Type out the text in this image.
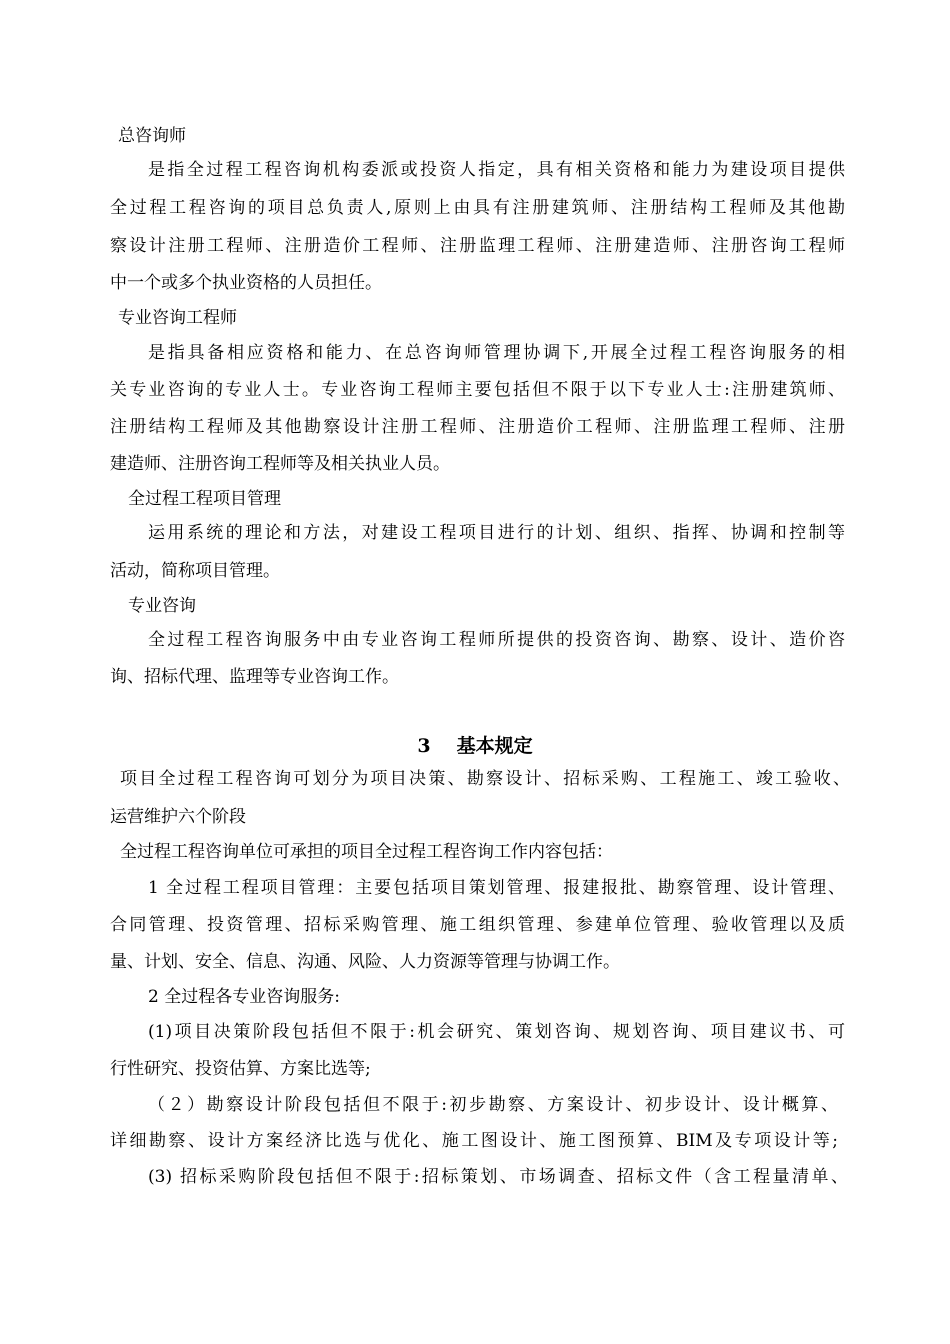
总咨询师
是指全过程工程咨询机构委派或投资人指定，具有相关资格和能力为建设项目提供
全过程工程咨询的项目总负责人,原则上由具有注册建筑师、注册结构工程师及其他勘
察设计注册工程师、注册造价工程师、注册监理工程师、注册建造师、注册咨询工程师
中一个或多个执业资格的人员担任。
专业咨询工程师
是指具备相应资格和能力、在总咨询师管理协调下,开展全过程工程咨询服务的相
关专业咨询的专业人士。专业咨询工程师主要包括但不限于以下专业人士:注册建筑师、
注册结构工程师及其他勘察设计注册工程师、注册造价工程师、注册监理工程师、注册
建造师、注册咨询工程师等及相关执业人员。
全过程工程项目管理
运用系统的理论和方法，对建设工程项目进行的计划、组织、指挥、协调和控制等
活动，简称项目管理。
专业咨询
全过程工程咨询服务中由专业咨询工程师所提供的投资咨询、勘察、设计、造价咨
询、招标代理、监理等专业咨询工作。
3 基本规定
项目全过程工程咨询可划分为项目决策、勘察设计、招标采购、工程施工、竣工验收、
运营维护六个阶段
全过程工程咨询单位可承担的项目全过程工程咨询工作内容包括：
1 全过程工程项目管理：主要包括项目策划管理、报建报批、勘察管理、设计管理、
合同管理、投资管理、招标采购管理、施工组织管理、参建单位管理、验收管理以及质
量、计划、安全、信息、沟通、风险、人力资源等管理与协调工作。
2 全过程各专业咨询服务:
(1)项目决策阶段包括但不限于:机会研究、策划咨询、规划咨询、项目建议书、可
行性研究、投资估算、方案比选等;
（２）勘察设计阶段包括但不限于:初步勘察、方案设计、初步设计、设计概算、
详细勘察、设计方案经济比选与优化、施工图设计、施工图预算、BIM及专项设计等;
(3) 招标采购阶段包括但不限于:招标策划、市场调查、招标文件（含工程量清单、
